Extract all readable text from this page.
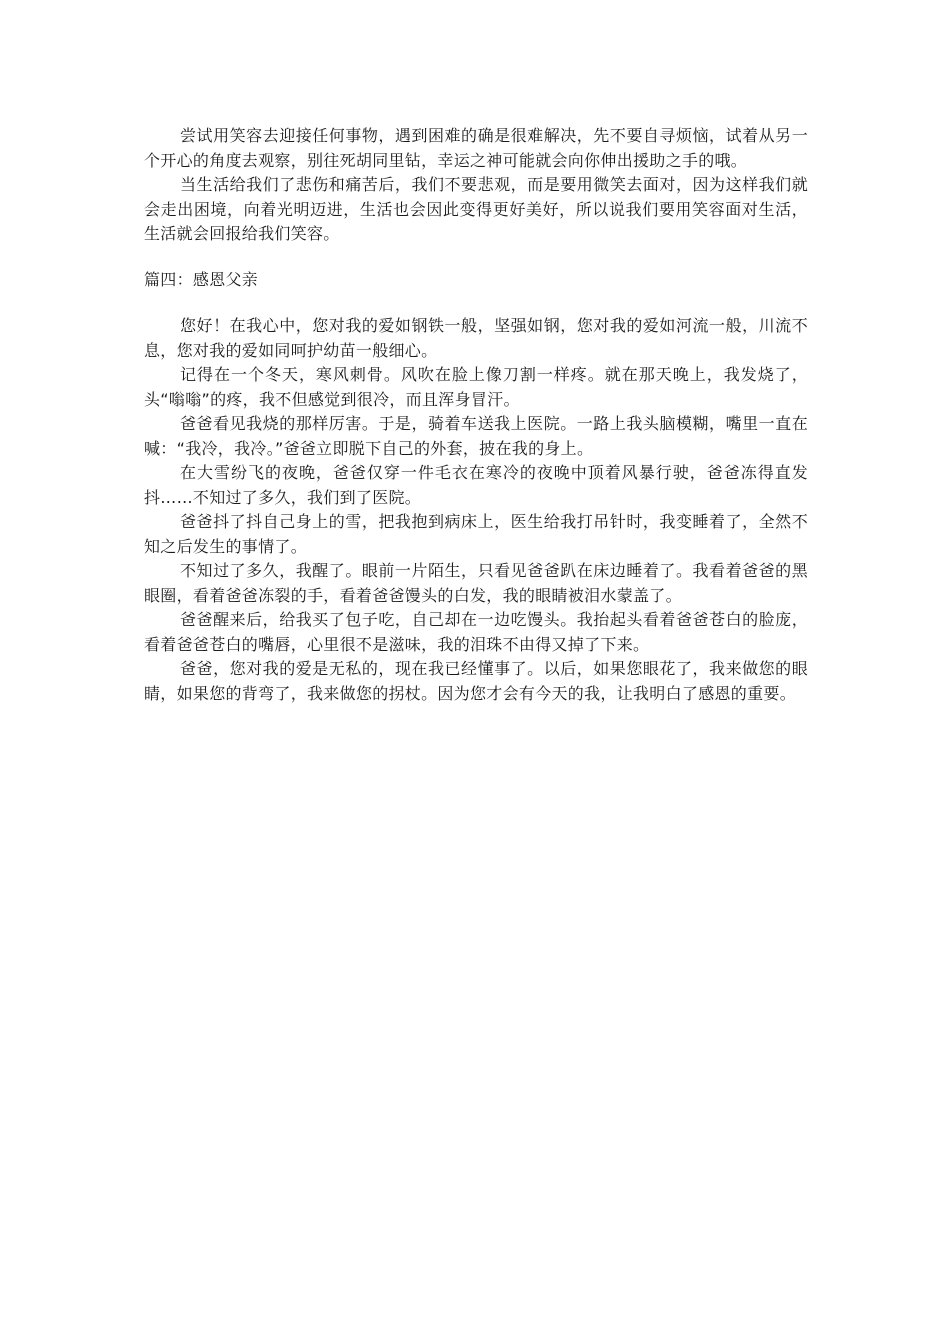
尝试用笑容去迎接任何事物，遇到困难的确是很难解决，先不要自寻烦恼，试着从另一个开心的角度去观察，别往死胡同里钻，幸运之神可能就会向你伸出援助之手的哦。

当生活给我们了悲伤和痛苦后，我们不要悲观，而是要用微笑去面对，因为这样我们就会走出困境，向着光明迈进，生活也会因此变得更好美好，所以说我们要用笑容面对生活，生活就会回报给我们笑容。

篇四：感恩父亲

您好！在我心中，您对我的爱如钢铁一般，坚强如钢，您对我的爱如河流一般，川流不息，您对我的爱如同呵护幼苗一般细心。

记得在一个冬天，寒风刺骨。风吹在脸上像刀割一样疼。就在那天晚上，我发烧了，头“嗡嗡”的疼，我不但感觉到很冷，而且浑身冒汗。

爸爸看见我烧的那样厉害。于是，骑着车送我上医院。一路上我头脑模糊，嘴里一直在喊：“我冷，我冷。”爸爸立即脱下自己的外套，披在我的身上。

在大雪纷飞的夜晚，爸爸仅穿一件毛衣在寒冷的夜晚中顶着风暴行驶，爸爸冻得直发抖……不知过了多久，我们到了医院。

爸爸抖了抖自己身上的雪，把我抱到病床上，医生给我打吊针时，我变睡着了，全然不知之后发生的事情了。

不知过了多久，我醒了。眼前一片陌生，只看见爸爸趴在床边睡着了。我看着爸爸的黑眼圈，看着爸爸冻裂的手，看着爸爸馒头的白发，我的眼睛被泪水蒙盖了。

爸爸醒来后，给我买了包子吃，自己却在一边吃馒头。我抬起头看着爸爸苍白的脸庞，看着爸爸苍白的嘴唇，心里很不是滋味，我的泪珠不由得又掉了下来。

爸爸，您对我的爱是无私的，现在我已经懂事了。以后，如果您眼花了，我来做您的眼睛，如果您的背弯了，我来做您的拐杖。因为您才会有今天的我，让我明白了感恩的重要。
